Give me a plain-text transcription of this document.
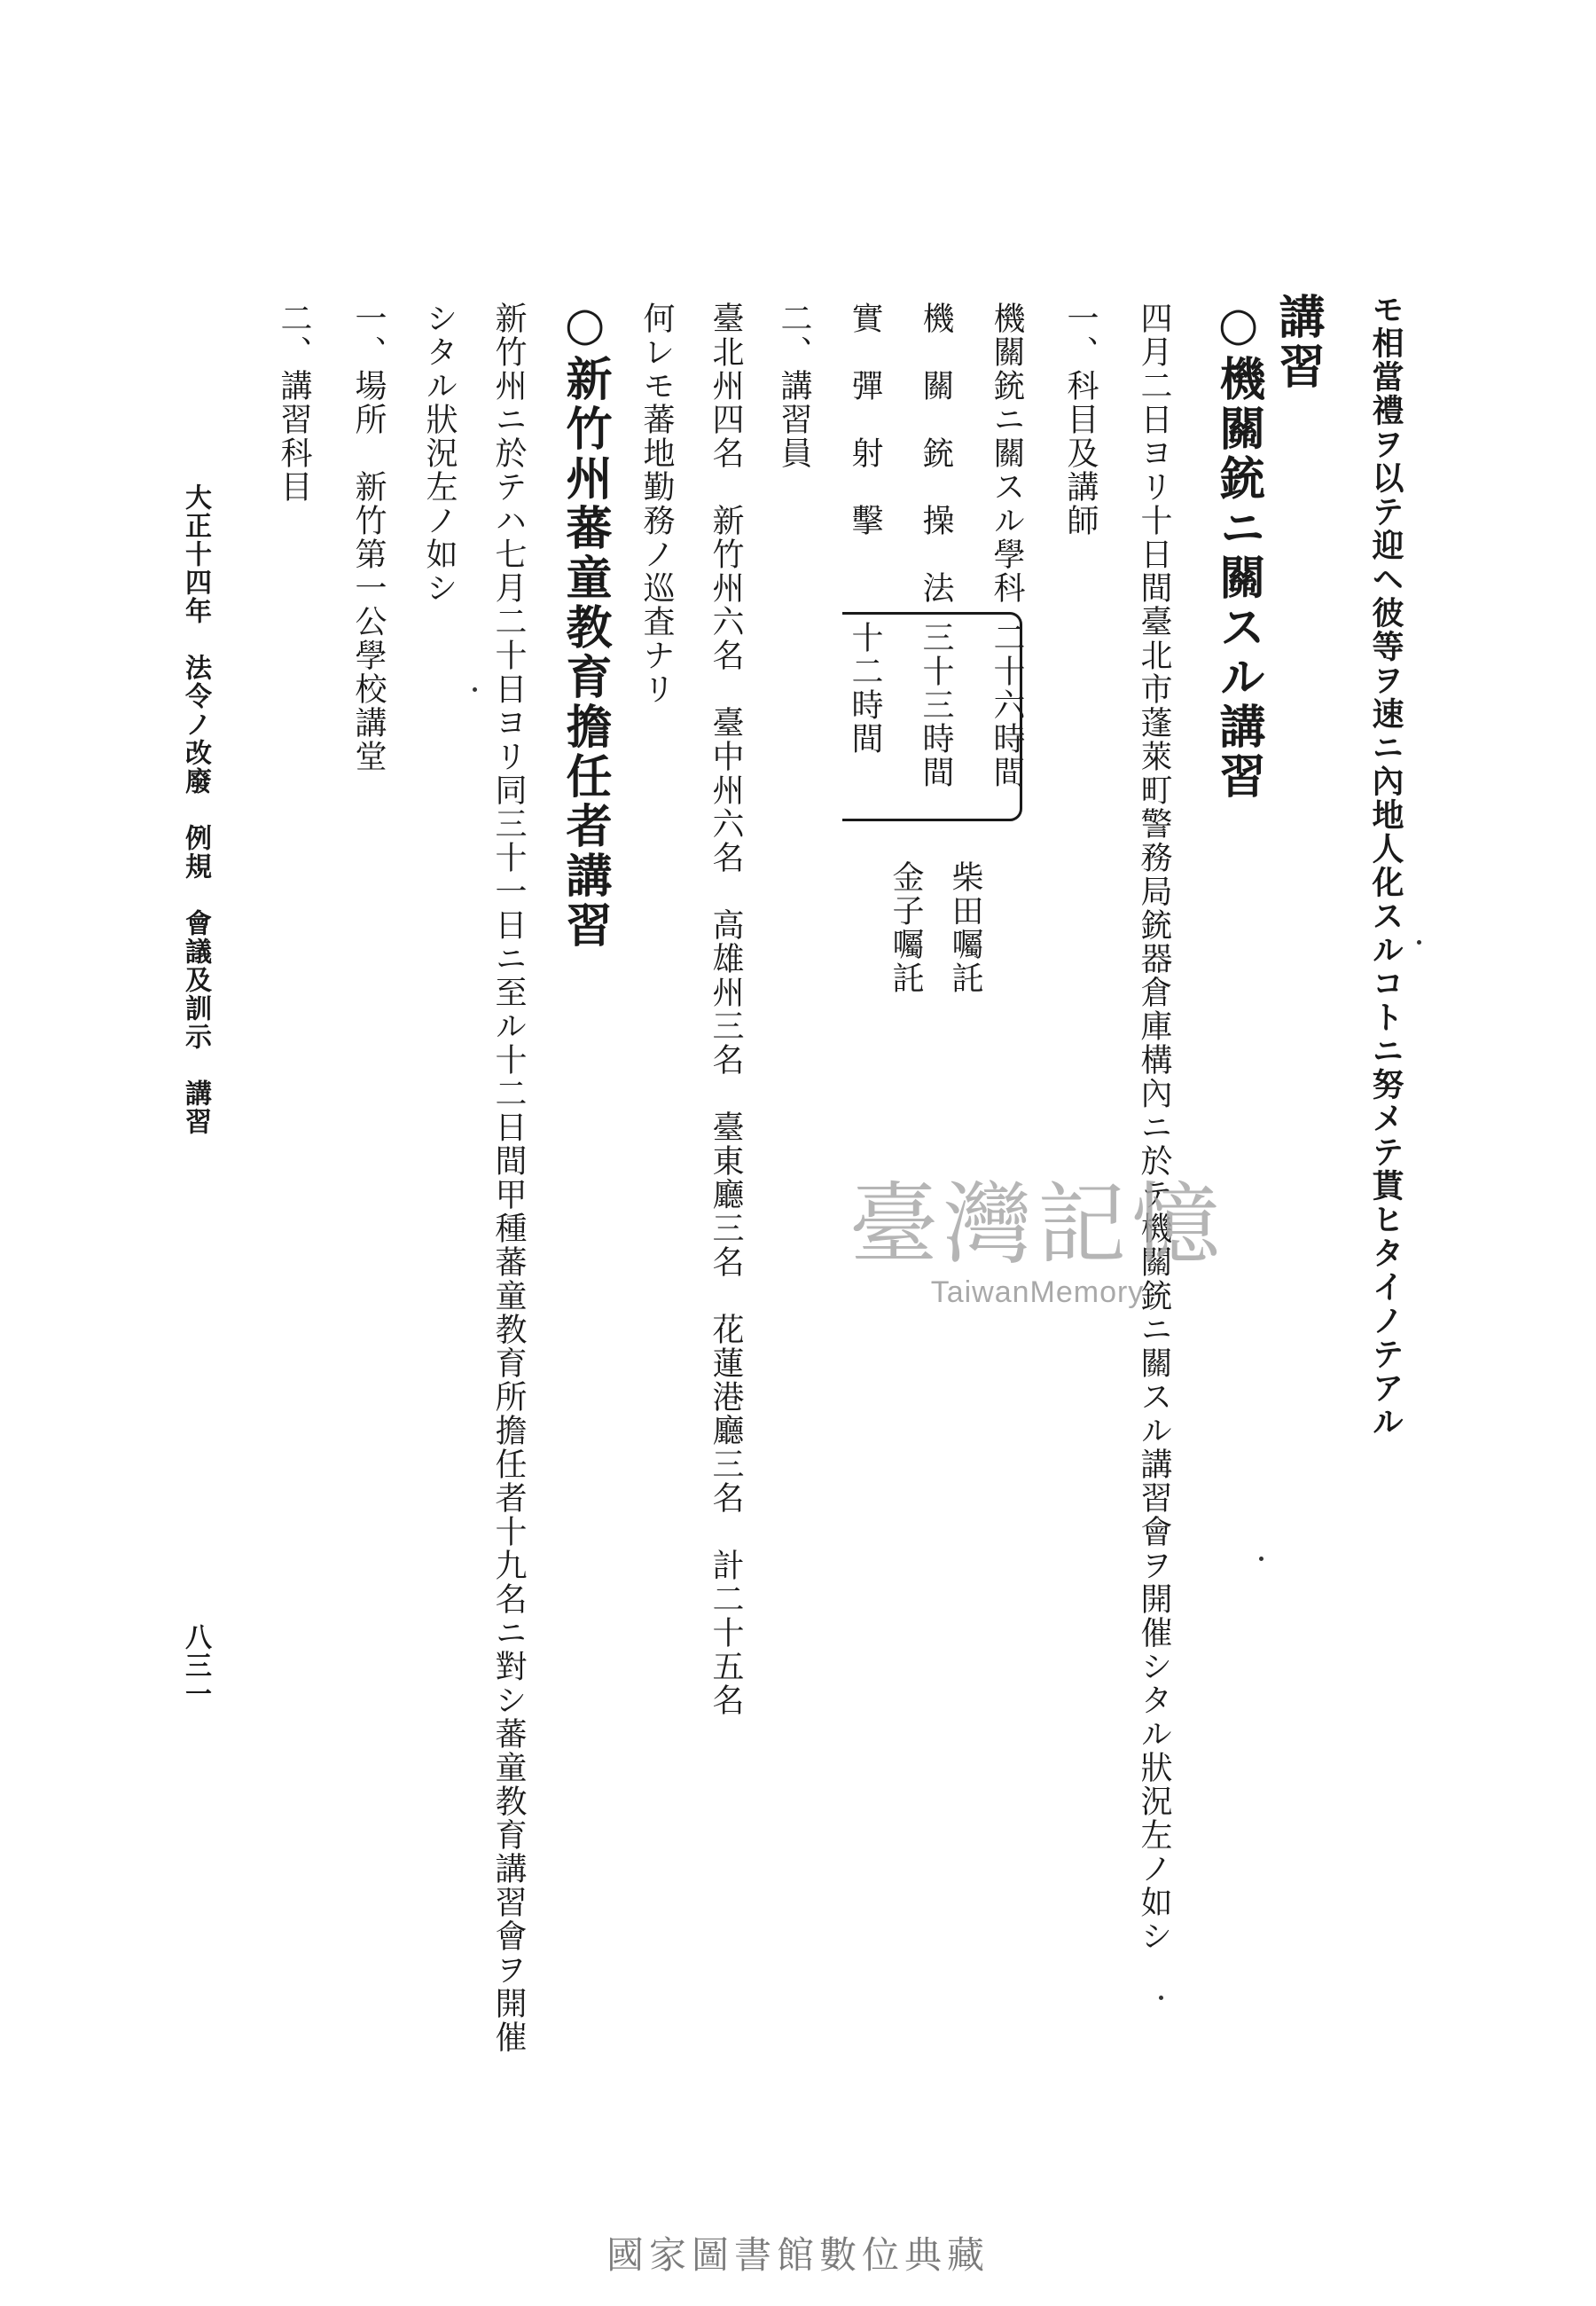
モ相當禮ヲ以テ迎ヘ彼等ヲ速ニ內地人化スルコトニ努メテ貰ヒタイノテアル
講習
○機關銃ニ關スル講習
四月二日ヨリ十日間臺北市蓬萊町警務局銃器倉庫構內ニ於テ機關銃ニ關スル講習會ヲ開催シタル狀況左ノ如シ
一、科目及講師
機關銃ニ關スル學科
二十六時間
機　關　銃　操　法
三十三時間
實　彈　射　擊
十二時間
柴田囑託
金子囑託
二、講習員
臺北州四名　新竹州六名　臺中州六名　高雄州三名　臺東廳三名　花蓮港廳三名　計二十五名
何レモ蕃地勤務ノ巡査ナリ
○新竹州蕃童教育擔任者講習
新竹州ニ於テハ七月二十日ヨリ同三十一日ニ至ル十二日間甲種蕃童教育所擔任者十九名ニ對シ蕃童教育講習會ヲ開催
シタル狀況左ノ如シ
一、場所　新竹第一公學校講堂
二、講習科目
大正十四年　法令ノ改廢　例規　會議及訓示　講習
八三一
臺灣記憶
TaiwanMemory
國家圖書館數位典藏
